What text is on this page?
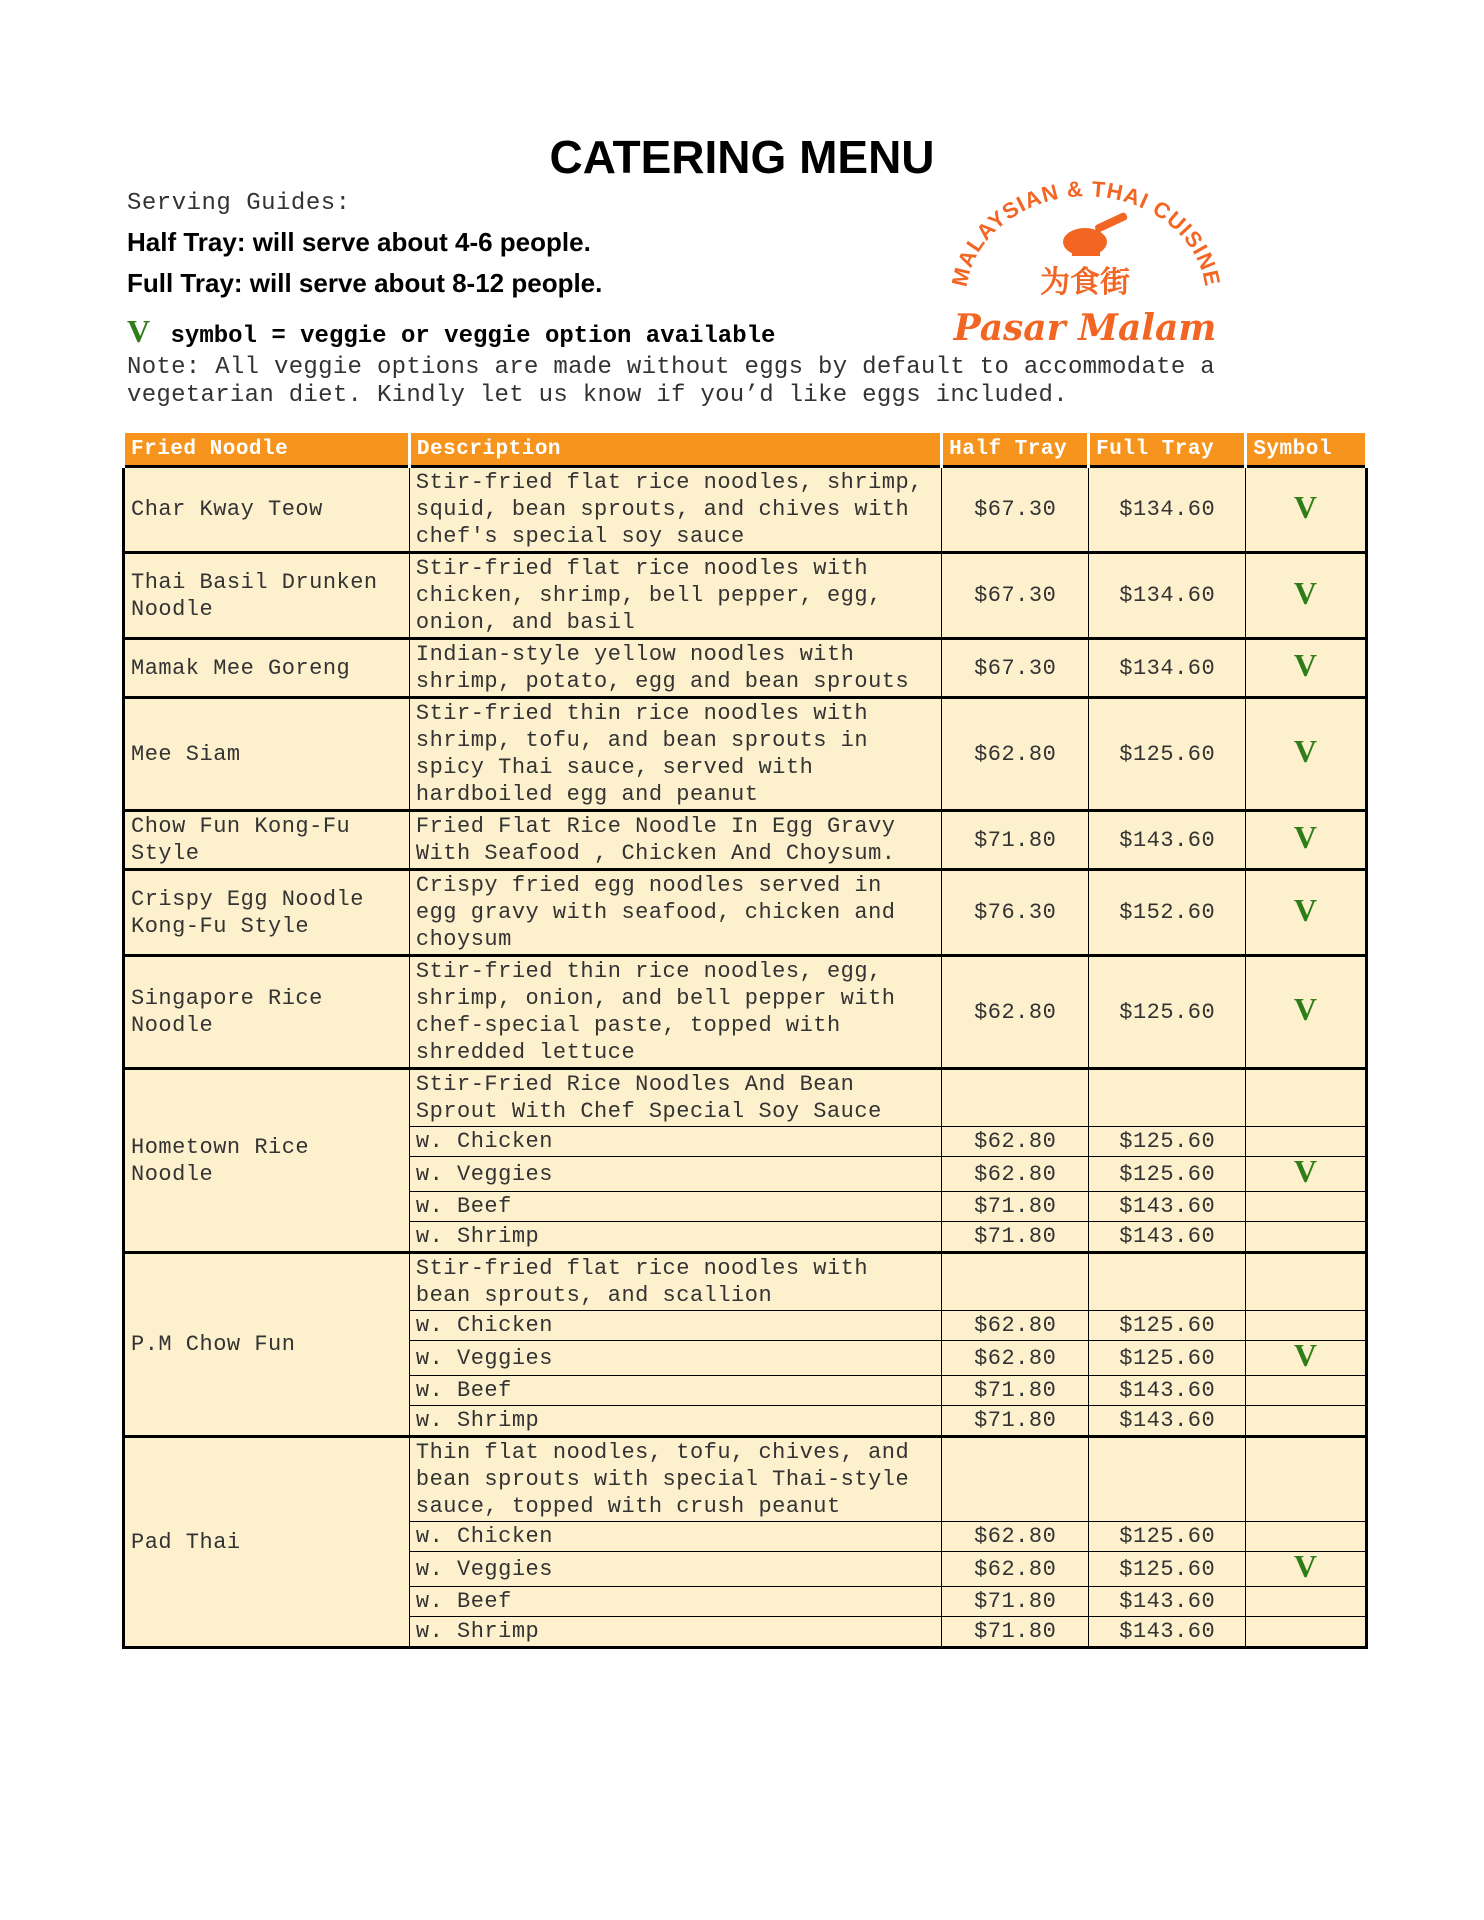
CATERING MENU
Serving Guides:
Half Tray: will serve about 4-6 people.
Full Tray: will serve about 8-12 people.
V symbol = veggie or veggie option available
Note: All veggie options are made without eggs by default to accommodate a vegetarian diet. Kindly let us know if you’d like eggs included.
MALAYSIAN & THAI CUISINE
为食街
Pasar Malam
Fried Noodle	Description	Half Tray	Full Tray	Symbol
Char Kway Teow	Stir-fried flat rice noodles, shrimp, squid, bean sprouts, and chives with chef's special soy sauce	$67.30	$134.60	V
Thai Basil Drunken Noodle	Stir-fried flat rice noodles with chicken, shrimp, bell pepper, egg, onion, and basil	$67.30	$134.60	V
Mamak Mee Goreng	Indian-style yellow noodles with shrimp, potato, egg and bean sprouts	$67.30	$134.60	V
Mee Siam	Stir-fried thin rice noodles with shrimp, tofu, and bean sprouts in spicy Thai sauce, served with hardboiled egg and peanut	$62.80	$125.60	V
Chow Fun Kong-Fu Style	Fried Flat Rice Noodle In Egg Gravy With Seafood , Chicken And Choysum.	$71.80	$143.60	V
Crispy Egg Noodle Kong-Fu Style	Crispy fried egg noodles served in egg gravy with seafood, chicken and choysum	$76.30	$152.60	V
Singapore Rice Noodle	Stir-fried thin rice noodles, egg, shrimp, onion, and bell pepper with chef-special paste, topped with shredded lettuce	$62.80	$125.60	V
Hometown Rice Noodle	Stir-Fried Rice Noodles And Bean Sprout With Chef Special Soy Sauce			
	w. Chicken	$62.80	$125.60	
	w. Veggies	$62.80	$125.60	V
	w. Beef	$71.80	$143.60	
	w. Shrimp	$71.80	$143.60	
P.M Chow Fun	Stir-fried flat rice noodles with bean sprouts, and scallion			
	w. Chicken	$62.80	$125.60	
	w. Veggies	$62.80	$125.60	V
	w. Beef	$71.80	$143.60	
	w. Shrimp	$71.80	$143.60	
Pad Thai	Thin flat noodles, tofu, chives, and bean sprouts with special Thai-style sauce, topped with crush peanut			
	w. Chicken	$62.80	$125.60	
	w. Veggies	$62.80	$125.60	V
	w. Beef	$71.80	$143.60	
	w. Shrimp	$71.80	$143.60	
